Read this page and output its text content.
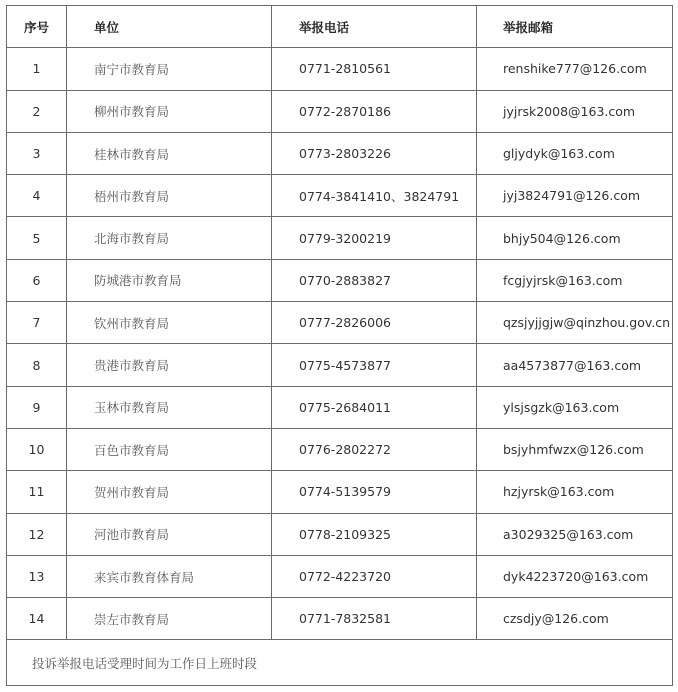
序号	单位	举报电话	举报邮箱
1	南宁市教育局	0771-2810561	renshike777@126.com
2	柳州市教育局	0772-2870186	jyjrsk2008@163.com
3	桂林市教育局	0773-2803226	gljydyk@163.com
4	梧州市教育局	0774-3841410、3824791	jyj3824791@126.com
5	北海市教育局	0779-3200219	bhjy504@126.com
6	防城港市教育局	0770-2883827	fcgjyjrsk@163.com
7	钦州市教育局	0777-2826006	qzsjyjjgjw@qinzhou.gov.cn
8	贵港市教育局	0775-4573877	aa4573877@163.com
9	玉林市教育局	0775-2684011	ylsjsgzk@163.com
10	百色市教育局	0776-2802272	bsjyhmfwzx@126.com
11	贺州市教育局	0774-5139579	hzjyrsk@163.com
12	河池市教育局	0778-2109325	a3029325@163.com
13	来宾市教育体育局	0772-4223720	dyk4223720@163.com
14	崇左市教育局	0771-7832581	czsdjy@126.com
投诉举报电话受理时间为工作日上班时段			
